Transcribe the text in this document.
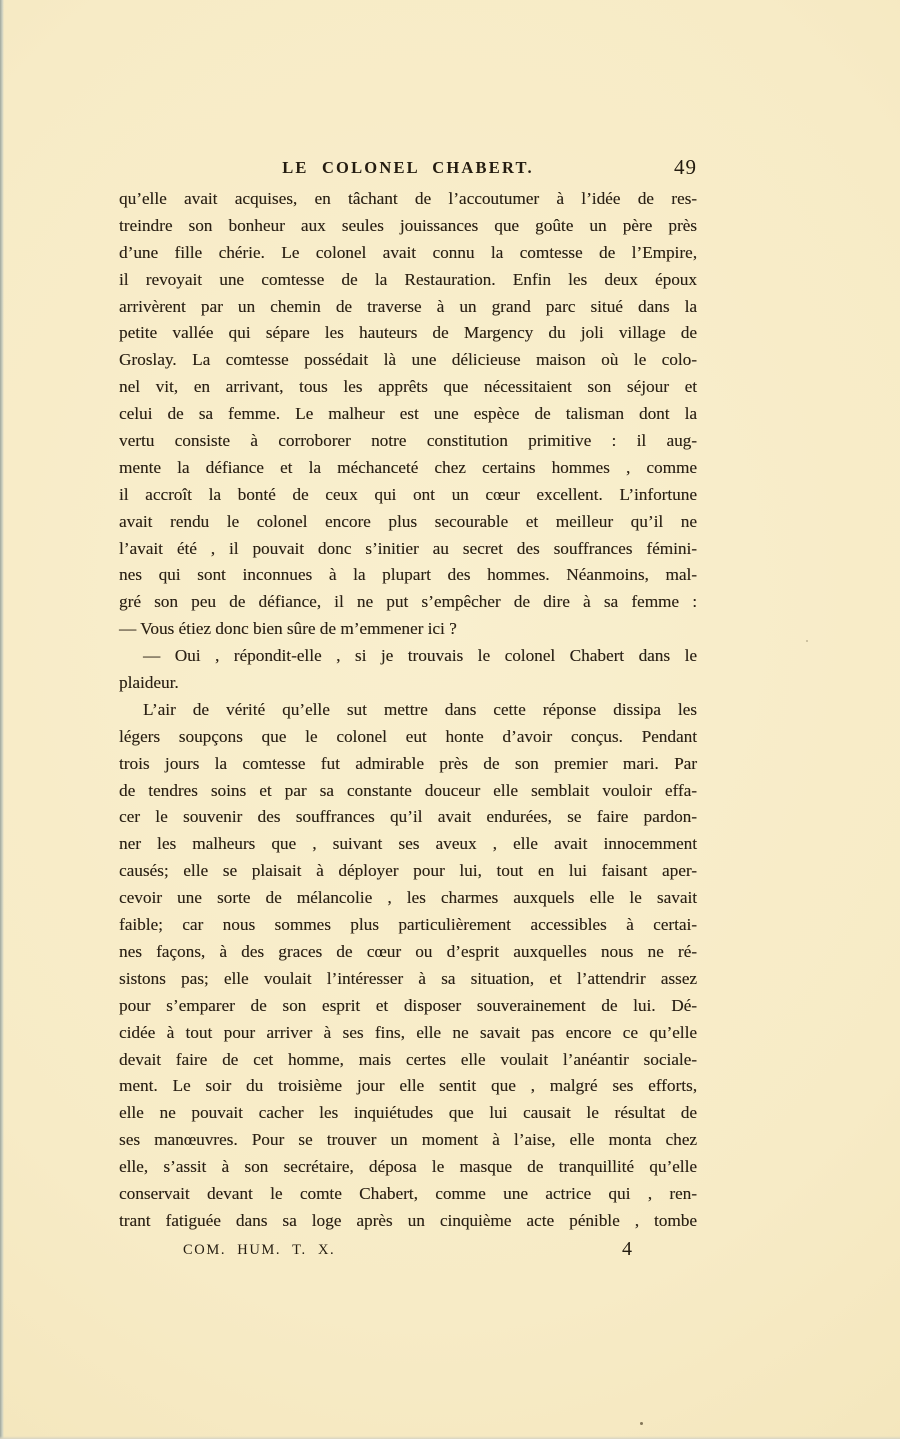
LE COLONEL CHABERT.	49
qu’elle avait acquises, en tâchant de l’accoutumer à l’idée de res-
treindre son bonheur aux seules jouissances que goûte un père près
d’une fille chérie. Le colonel avait connu la comtesse de l’Empire,
il revoyait une comtesse de la Restauration. Enfin les deux époux
arrivèrent par un chemin de traverse à un grand parc situé dans la
petite vallée qui sépare les hauteurs de Margency du joli village de
Groslay. La comtesse possédait là une délicieuse maison où le colo-
nel vit, en arrivant, tous les apprêts que nécessitaient son séjour et
celui de sa femme. Le malheur est une espèce de talisman dont la
vertu consiste à corroborer notre constitution primitive : il aug-
mente la défiance et la méchanceté chez certains hommes , comme
il accroît la bonté de ceux qui ont un cœur excellent. L’infortune
avait rendu le colonel encore plus secourable et meilleur qu’il ne
l’avait été , il pouvait donc s’initier au secret des souffrances fémini-
nes qui sont inconnues à la plupart des hommes. Néanmoins, mal-
gré son peu de défiance, il ne put s’empêcher de dire à sa femme :
— Vous étiez donc bien sûre de m’emmener ici ?
— Oui , répondit-elle , si je trouvais le colonel Chabert dans le
plaideur.
L’air de vérité qu’elle sut mettre dans cette réponse dissipa les
légers soupçons que le colonel eut honte d’avoir conçus. Pendant
trois jours la comtesse fut admirable près de son premier mari. Par
de tendres soins et par sa constante douceur elle semblait vouloir effa-
cer le souvenir des souffrances qu’il avait endurées, se faire pardon-
ner les malheurs que , suivant ses aveux , elle avait innocemment
causés; elle se plaisait à déployer pour lui, tout en lui faisant aper-
cevoir une sorte de mélancolie , les charmes auxquels elle le savait
faible; car nous sommes plus particulièrement accessibles à certai-
nes façons, à des graces de cœur ou d’esprit auxquelles nous ne ré-
sistons pas; elle voulait l’intéresser à sa situation, et l’attendrir assez
pour s’emparer de son esprit et disposer souverainement de lui. Dé-
cidée à tout pour arriver à ses fins, elle ne savait pas encore ce qu’elle
devait faire de cet homme, mais certes elle voulait l’anéantir sociale-
ment. Le soir du troisième jour elle sentit que , malgré ses efforts,
elle ne pouvait cacher les inquiétudes que lui causait le résultat de
ses manœuvres. Pour se trouver un moment à l’aise, elle monta chez
elle, s’assit à son secrétaire, déposa le masque de tranquillité qu’elle
conservait devant le comte Chabert, comme une actrice qui , ren-
trant fatiguée dans sa loge après un cinquième acte pénible , tombe
COM. HUM. T. X.	4
